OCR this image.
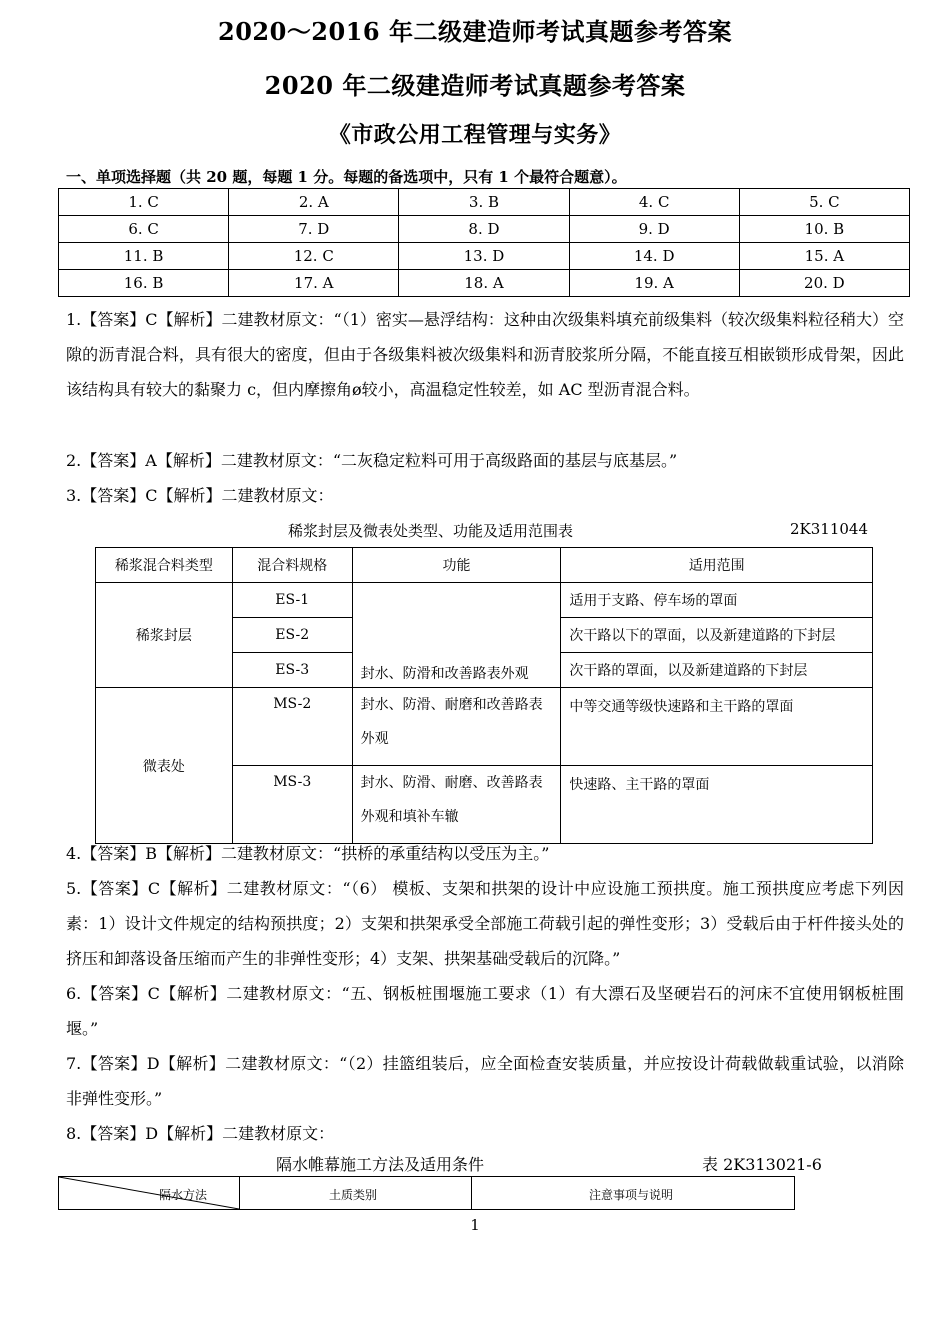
2020～2016 年二级建造师考试真题参考答案
2020 年二级建造师考试真题参考答案
《市政公用工程管理与实务》
一、单项选择题（共 20 题，每题 1 分。每题的备选项中，只有 1 个最符合题意）。
1. C	2. A	3. B	4. C	5. C
6. C	7. D	8. D	9. D	10. B
11. B	12. C	13. D	14. D	15. A
16. B	17. A	18. A	19. A	20. D

1.【答案】C【解析】二建教材原文：“（1）密实—悬浮结构：这种由次级集料填充前级集料（较次级集料粒径稍大）空隙的沥青混合料，具有很大的密度，但由于各级集料被次级集料和沥青胶浆所分隔，不能直接互相嵌锁形成骨架，因此该结构具有较大的黏聚力 c，但内摩擦角ø较小，高温稳定性较差，如 AC 型沥青混合料。

2.【答案】A【解析】二建教材原文：“二灰稳定粒料可用于高级路面的基层与底基层。”

3.【答案】C【解析】二建教材原文：

稀浆封层及微表处类型、功能及适用范围表	2K311044
稀浆混合料类型	混合料规格	功能	适用范围
稀浆封层	ES-1	封水、防滑和改善路表外观	适用于支路、停车场的罩面
	ES-2		次干路以下的罩面，以及新建道路的下封层
	ES-3		次干路的罩面，以及新建道路的下封层
微表处	MS-2	封水、防滑、耐磨和改善路表外观	中等交通等级快速路和主干路的罩面
	MS-3	封水、防滑、耐磨、改善路表外观和填补车辙	快速路、主干路的罩面

4.【答案】B【解析】二建教材原文：“拱桥的承重结构以受压为主。”

5.【答案】C【解析】二建教材原文：“（6） 模板、支架和拱架的设计中应设施工预拱度。施工预拱度应考虑下列因素：1）设计文件规定的结构预拱度；2）支架和拱架承受全部施工荷载引起的弹性变形；3）受载后由于杆件接头处的挤压和卸落设备压缩而产生的非弹性变形；4）支架、拱架基础受载后的沉降。”

6.【答案】C【解析】二建教材原文：“五、钢板桩围堰施工要求（1）有大漂石及坚硬岩石的河床不宜使用钢板桩围堰。”

7.【答案】D【解析】二建教材原文：“（2）挂篮组装后，应全面检查安装质量，并应按设计荷载做载重试验，以消除非弹性变形。”

8.【答案】D【解析】二建教材原文：

隔水帷幕施工方法及适用条件	表 2K313021-6
隔水方法	土质类别	注意事项与说明
1
